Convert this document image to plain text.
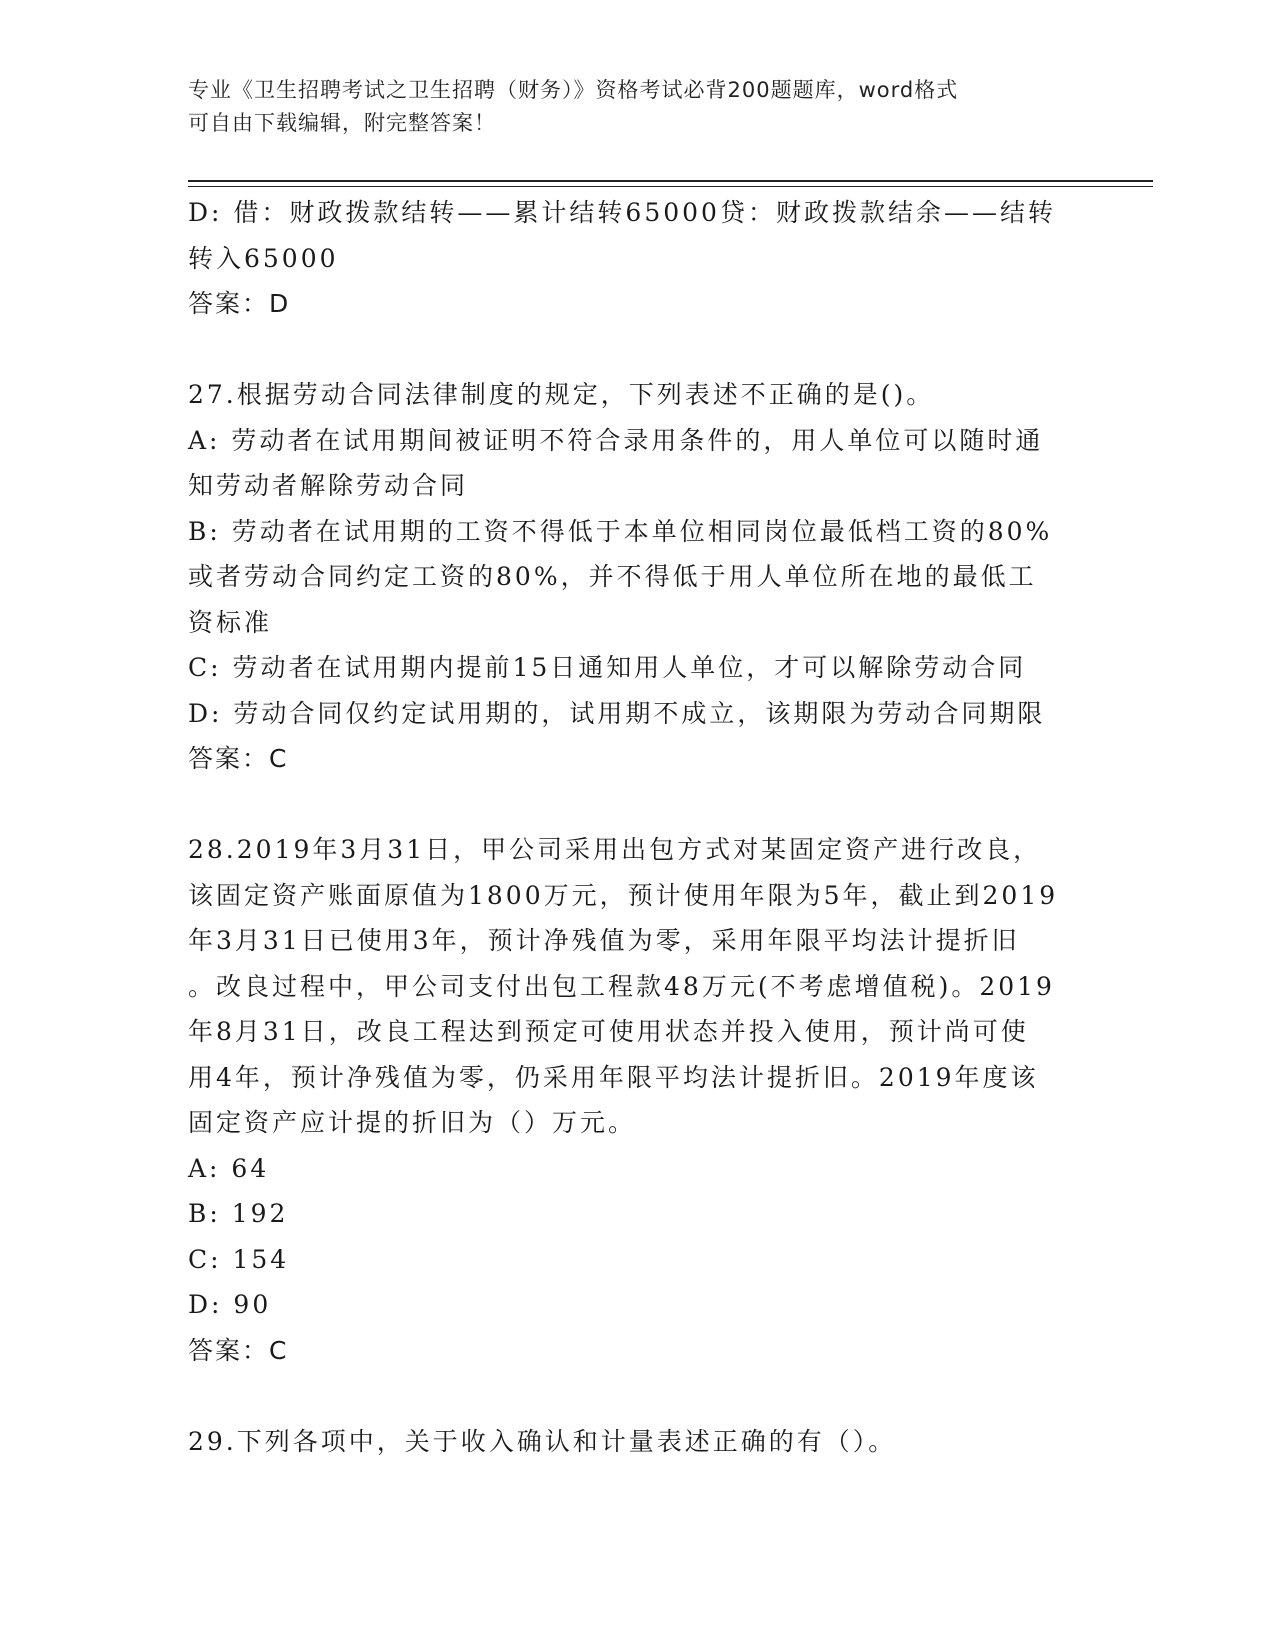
专业《卫生招聘考试之卫生招聘（财务）》资格考试必背200题题库，word格式
可自由下载编辑，附完整答案！
D: 借：财政拨款结转——累计结转65000贷：财政拨款结余——结转
转入65000
答案：D
27.根据劳动合同法律制度的规定，下列表述不正确的是()。
A: 劳动者在试用期间被证明不符合录用条件的，用人单位可以随时通
知劳动者解除劳动合同
B: 劳动者在试用期的工资不得低于本单位相同岗位最低档工资的80%
或者劳动合同约定工资的80%，并不得低于用人单位所在地的最低工
资标准
C: 劳动者在试用期内提前15日通知用人单位，才可以解除劳动合同
D: 劳动合同仅约定试用期的，试用期不成立，该期限为劳动合同期限
答案：C
28.2019年3月31日，甲公司采用出包方式对某固定资产进行改良，
该固定资产账面原值为1800万元，预计使用年限为5年，截止到2019
年3月31日已使用3年，预计净残值为零，采用年限平均法计提折旧
。改良过程中，甲公司支付出包工程款48万元(不考虑增值税)。2019
年8月31日，改良工程达到预定可使用状态并投入使用，预计尚可使
用4年，预计净残值为零，仍采用年限平均法计提折旧。2019年度该
固定资产应计提的折旧为（）万元。
A: 64
B: 192
C: 154
D: 90
答案：C
29.下列各项中，关于收入确认和计量表述正确的有（）。
